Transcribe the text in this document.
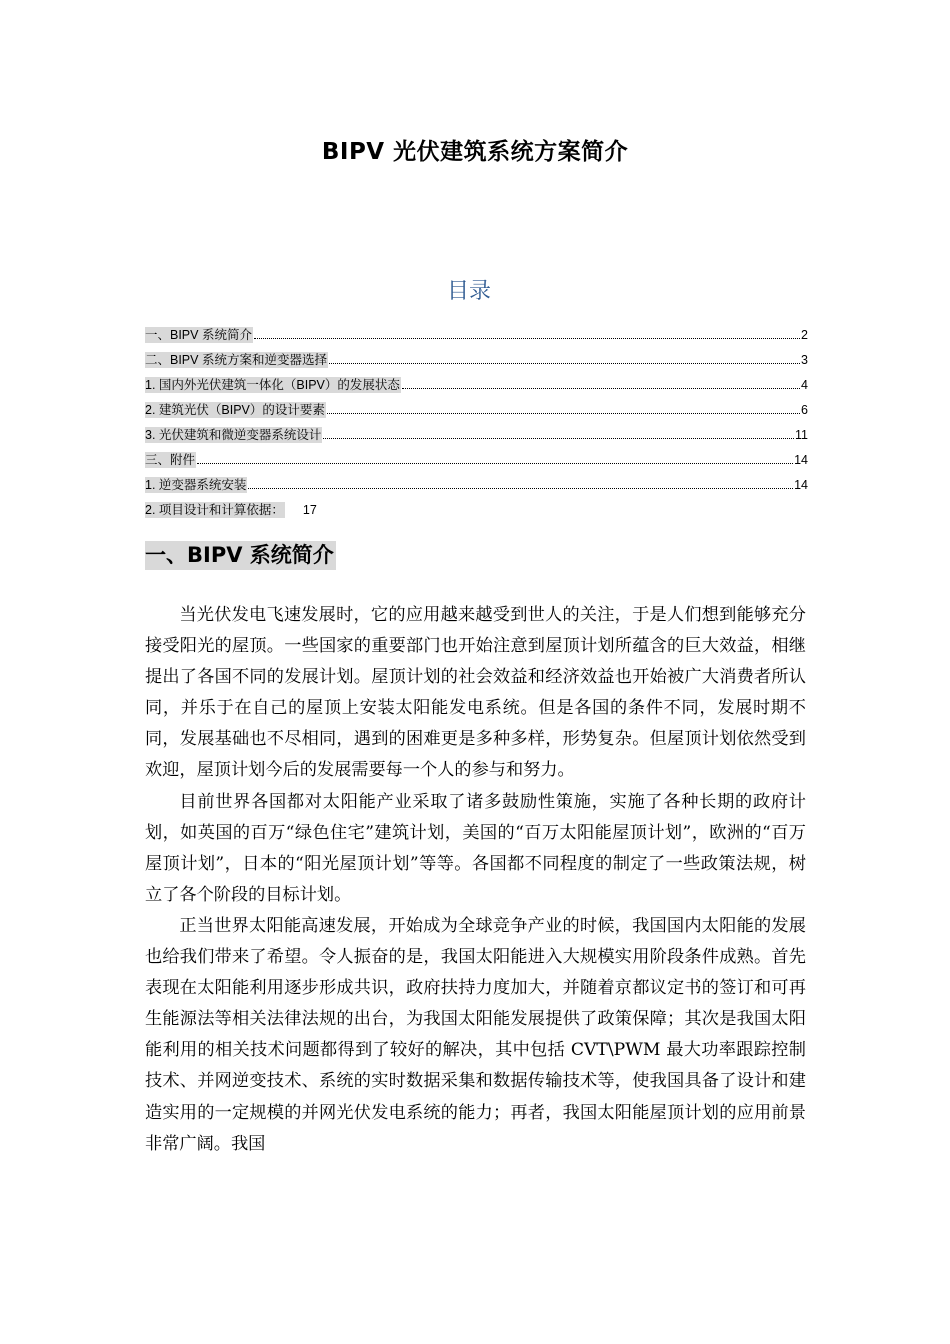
BIPV 光伏建筑系统方案简介
目录
一、BIPV 系统简介	2
二、BIPV 系统方案和逆变器选择	3
1. 国内外光伏建筑一体化（BIPV）的发展状态	4
2. 建筑光伏（BIPV）的设计要素	6
3. 光伏建筑和微逆变器系统设计	11
三、附件	14
1. 逆变器系统安装	14
2. 项目设计和计算依据： 17
一、BIPV 系统简介

当光伏发电飞速发展时，它的应用越来越受到世人的关注，于是人们想到能够充分接受阳光的屋顶。一些国家的重要部门也开始注意到屋顶计划所蕴含的巨大效益，相继提出了各国不同的发展计划。屋顶计划的社会效益和经济效益也开始被广大消费者所认同，并乐于在自己的屋顶上安装太阳能发电系统。但是各国的条件不同，发展时期不同，发展基础也不尽相同，遇到的困难更是多种多样，形势复杂。但屋顶计划依然受到欢迎，屋顶计划今后的发展需要每一个人的参与和努力。

目前世界各国都对太阳能产业采取了诸多鼓励性策施，实施了各种长期的政府计划，如英国的百万“绿色住宅”建筑计划，美国的“百万太阳能屋顶计划”，欧洲的“百万屋顶计划”，日本的“阳光屋顶计划”等等。各国都不同程度的制定了一些政策法规，树立了各个阶段的目标计划。

正当世界太阳能高速发展，开始成为全球竞争产业的时候，我国国内太阳能的发展也给我们带来了希望。令人振奋的是，我国太阳能进入大规模实用阶段条件成熟。首先表现在太阳能利用逐步形成共识，政府扶持力度加大，并随着京都议定书的签订和可再生能源法等相关法律法规的出台，为我国太阳能发展提供了政策保障；其次是我国太阳能利用的相关技术问题都得到了较好的解决，其中包括 CVT\PWM 最大功率跟踪控制技术、并网逆变技术、系统的实时数据采集和数据传输技术等，使我国具备了设计和建造实用的一定规模的并网光伏发电系统的能力；再者，我国太阳能屋顶计划的应用前景非常广阔。我国
